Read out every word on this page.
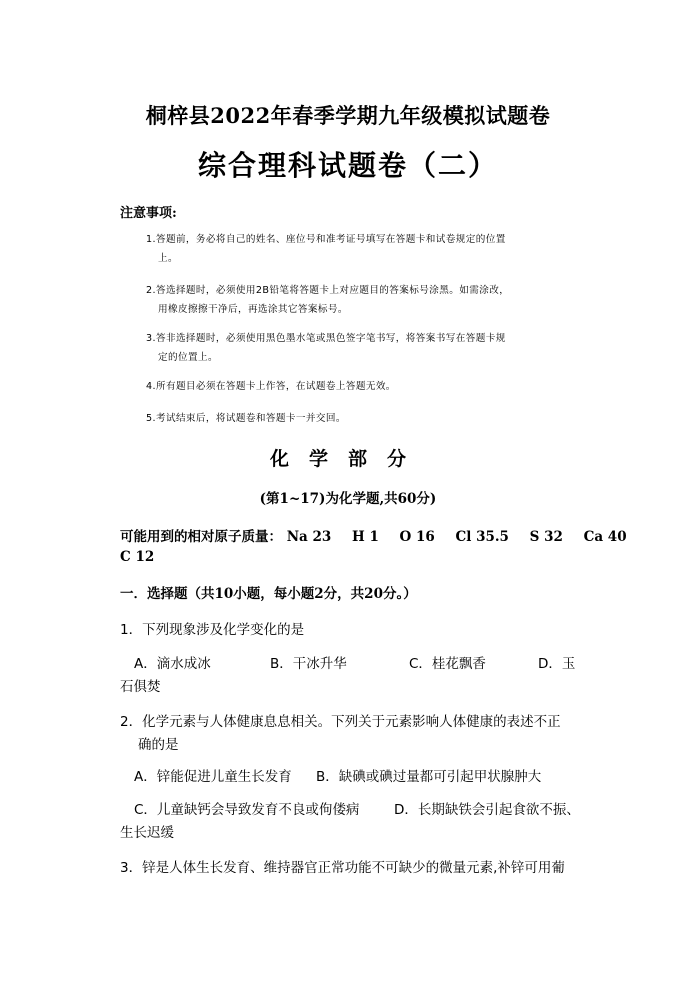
桐梓县2022年春季学期九年级模拟试题卷
综合理科试题卷（二）
注意事项:
1.答题前，务必将自己的姓名、座位号和准考证号填写在答题卡和试卷规定的位置
上。
2.答选择题时，必须使用2B铅笔将答题卡上对应题目的答案标号涂黑。如需涂改，
用橡皮擦擦干净后，再选涂其它答案标号。
3.答非选择题时，必须使用黑色墨水笔或黑色签字笔书写，将答案书写在答题卡规
定的位置上。
4.所有题目必须在答题卡上作答，在试题卷上答题无效。
5.考试结束后，将试题卷和答题卡一并交回。
化学部分
(第1~17)为化学题,共60分)
可能用到的相对原子质量： Na 23 H 1 O 16 Cl 35.5 S 32 Ca 40
C 12
一．选择题（共10小题，每小题2分，共20分。）
1．下列现象涉及化学变化的是
A．滴水成冰	B．干冰升华	C．桂花飘香	D．玉
石俱焚
2．化学元素与人体健康息息相关。下列关于元素影响人体健康的表述不正
确的是
A．锌能促进儿童生长发育 B．缺碘或碘过量都可引起甲状腺肿大
C．儿童缺钙会导致发育不良或佝偻病	D．长期缺铁会引起食欲不振、
生长迟缓
3．锌是人体生长发育、维持器官正常功能不可缺少的微量元素,补锌可用葡
